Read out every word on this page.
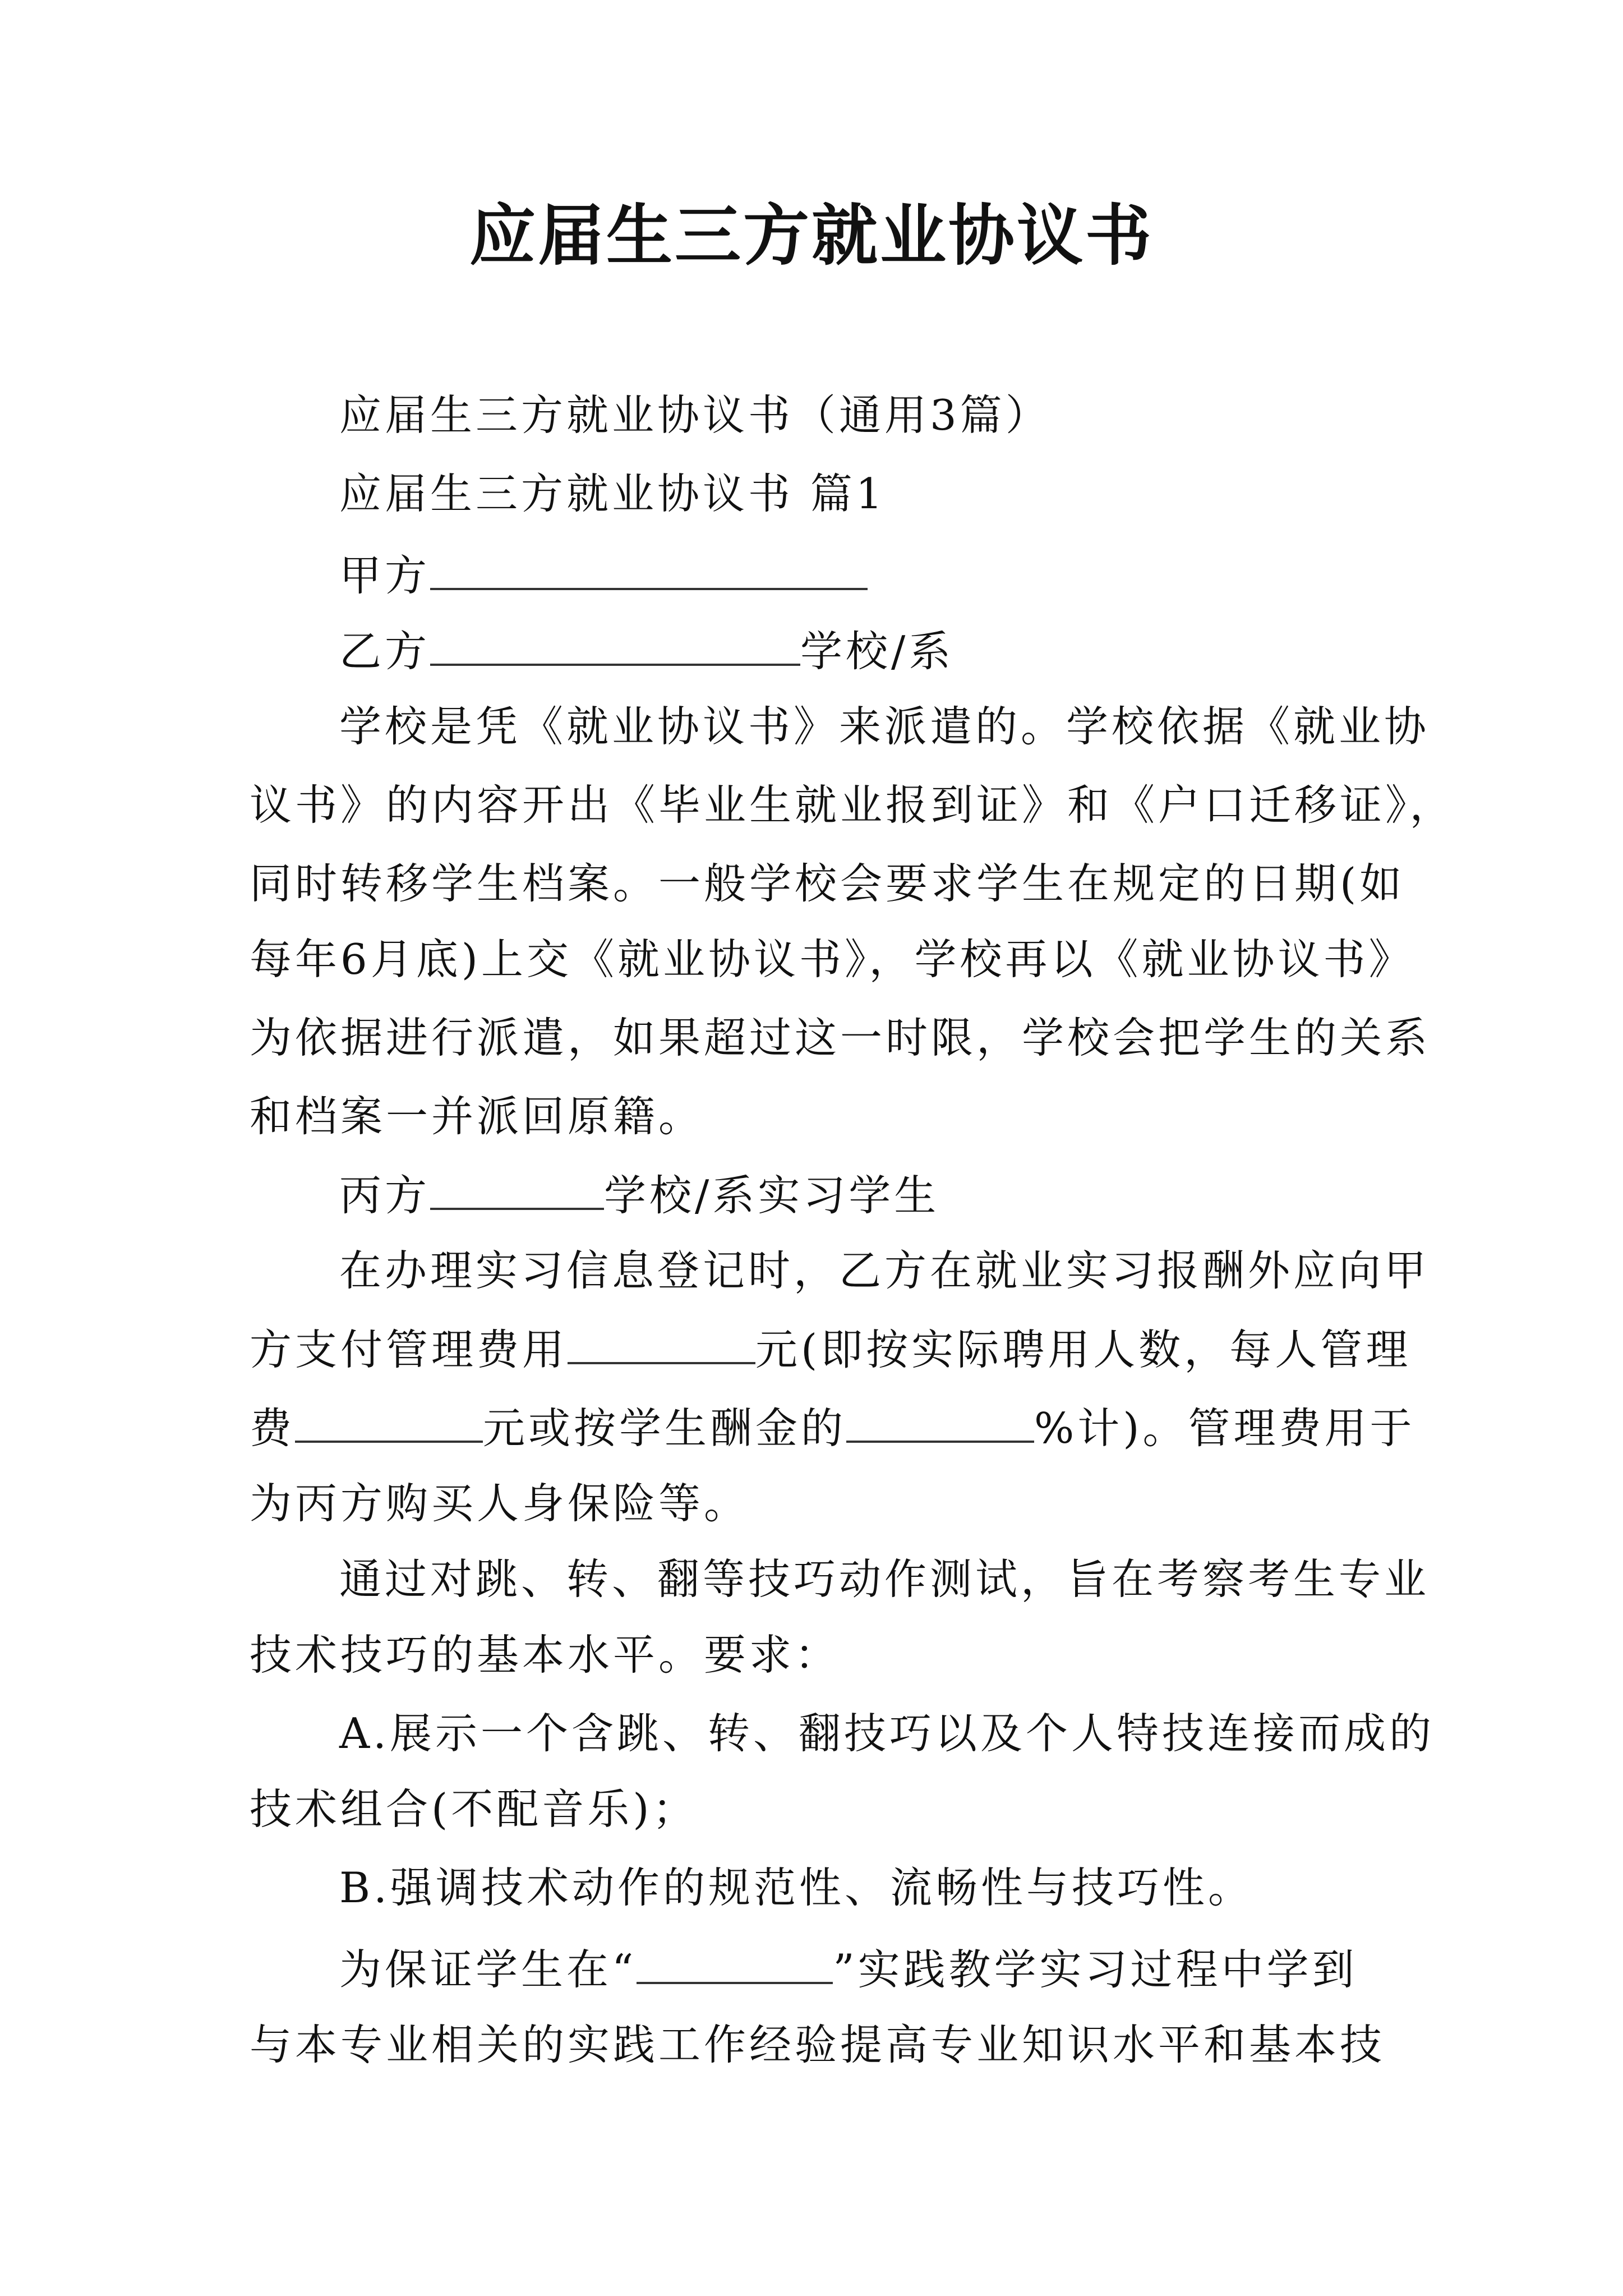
应届生三方就业协议书
应届生三方就业协议书（通用3篇）
应届生三方就业协议书 篇1
甲方
乙方	学校/系
学校是凭《就业协议书》来派遣的。学校依据《就业协
议书》的内容开出《毕业生就业报到证》和《户口迁移证》，
同时转移学生档案。一般学校会要求学生在规定的日期(如
每年6月底)上交《就业协议书》，学校再以《就业协议书》
为依据进行派遣，如果超过这一时限，学校会把学生的关系
和档案一并派回原籍。
丙方	学校/系实习学生
在办理实习信息登记时，乙方在就业实习报酬外应向甲
方支付管理费用	元(即按实际聘用人数，每人管理
费	元或按学生酬金的	%计)。管理费用于
为丙方购买人身保险等。
通过对跳、转、翻等技巧动作测试，旨在考察考生专业
技术技巧的基本水平。要求：
A.展示一个含跳、转、翻技巧以及个人特技连接而成的
技术组合(不配音乐)；
B.强调技术动作的规范性、流畅性与技巧性。
为保证学生在“	”实践教学实习过程中学到
与本专业相关的实践工作经验提高专业知识水平和基本技
